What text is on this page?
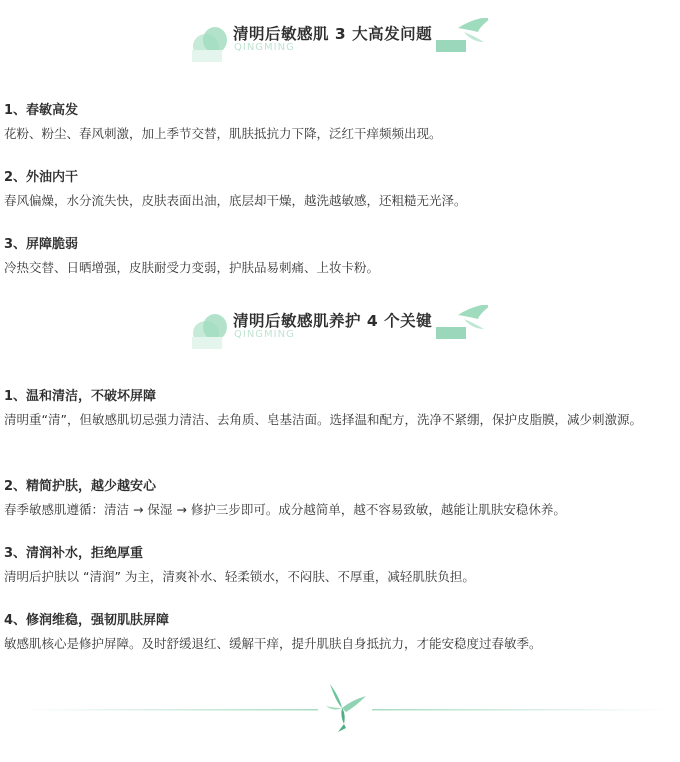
清明后敏感肌 3 大高发问题
QINGMING
1、春敏高发
花粉、粉尘、春风刺激，加上季节交替，肌肤抵抗力下降，泛红干痒频频出现。
2、外油内干
春风偏燥，水分流失快，皮肤表面出油，底层却干燥，越洗越敏感，还粗糙无光泽。
3、屏障脆弱
冷热交替、日晒增强，皮肤耐受力变弱，护肤品易刺痛、上妆卡粉。
清明后敏感肌养护 4 个关键
QINGMING
1、温和清洁，不破坏屏障
清明重“清”，但敏感肌切忌强力清洁、去角质、皂基洁面。选择温和配方，洗净不紧绷，保护皮脂膜，减少刺激源。
2、精简护肤，越少越安心
春季敏感肌遵循：清洁 → 保湿 → 修护三步即可。成分越简单，越不容易致敏，越能让肌肤安稳休养。
3、清润补水，拒绝厚重
清明后护肤以 “清润” 为主，清爽补水、轻柔锁水，不闷肤、不厚重，减轻肌肤负担。
4、修润维稳，强韧肌肤屏障
敏感肌核心是修护屏障。及时舒缓退红、缓解干痒，提升肌肤自身抵抗力，才能安稳度过春敏季。
